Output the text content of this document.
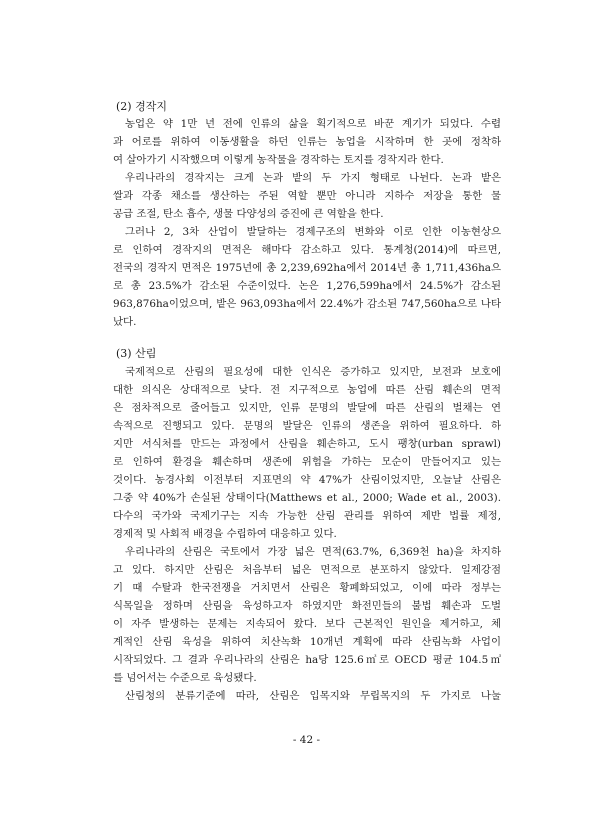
(2) 경작지
농업은 약 1만 년 전에 인류의 삶을 획기적으로 바꾼 계기가 되었다. 수렵
과 어로를 위하여 이동생활을 하던 인류는 농업을 시작하며 한 곳에 정착하
여 살아가기 시작했으며 이렇게 농작물을 경작하는 토지를 경작지라 한다.
우리나라의 경작지는 크게 논과 밭의 두 가지 형태로 나뉜다. 논과 밭은
쌀과 각종 채소를 생산하는 주된 역할 뿐만 아니라 지하수 저장을 통한 물
공급 조절, 탄소 흡수, 생물 다양성의 증진에 큰 역할을 한다.
그러나 2, 3차 산업이 발달하는 경제구조의 변화와 이로 인한 이농현상으
로 인하여 경작지의 면적은 해마다 감소하고 있다. 통계청(2014)에 따르면,
전국의 경작지 면적은 1975년에 총 2,239,692ha에서 2014년 총 1,711,436ha으
로 총 23.5%가 감소된 수준이었다. 논은 1,276,599ha에서 24.5%가 감소된
963,876ha이었으며, 밭은 963,093ha에서 22.4%가 감소된 747,560ha으로 나타
났다.
(3) 산림
국제적으로 산림의 필요성에 대한 인식은 증가하고 있지만, 보전과 보호에
대한 의식은 상대적으로 낮다. 전 지구적으로 농업에 따른 산림 훼손의 면적
은 점차적으로 줄어들고 있지만, 인류 문명의 발달에 따른 산림의 벌채는 연
속적으로 진행되고 있다. 문명의 발달은 인류의 생존을 위하여 필요하다. 하
지만 서식처를 만드는 과정에서 산림을 훼손하고, 도시 팽창(urban sprawl)
로 인하여 환경을 훼손하며 생존에 위험을 가하는 모순이 만들어지고 있는
것이다. 농경사회 이전부터 지표면의 약 47%가 산림이었지만, 오늘날 산림은
그중 약 40%가 손실된 상태이다(Matthews et al., 2000; Wade et al., 2003).
다수의 국가와 국제기구는 지속 가능한 산림 관리를 위하여 제반 법률 제정,
경제적 및 사회적 배경을 수립하여 대응하고 있다.
우리나라의 산림은 국토에서 가장 넓은 면적(63.7%, 6,369천 ha)을 차지하
고 있다. 하지만 산림은 처음부터 넓은 면적으로 분포하지 않았다. 일제강점
기 때 수탈과 한국전쟁을 거치면서 산림은 황폐화되었고, 이에 따라 정부는
식목일을 정하며 산림을 육성하고자 하였지만 화전민들의 불법 훼손과 도벌
이 자주 발생하는 문제는 지속되어 왔다. 보다 근본적인 원인을 제거하고, 체
계적인 산림 육성을 위하여 치산녹화 10개년 계획에 따라 산림녹화 사업이
시작되었다. 그 결과 우리나라의 산림은 ha당 125.6㎥로 OECD 평균 104.5㎥
를 넘어서는 수준으로 육성됐다.
산림청의 분류기준에 따라, 산림은 입목지와 무립목지의 두 가지로 나눌
- 42 -
